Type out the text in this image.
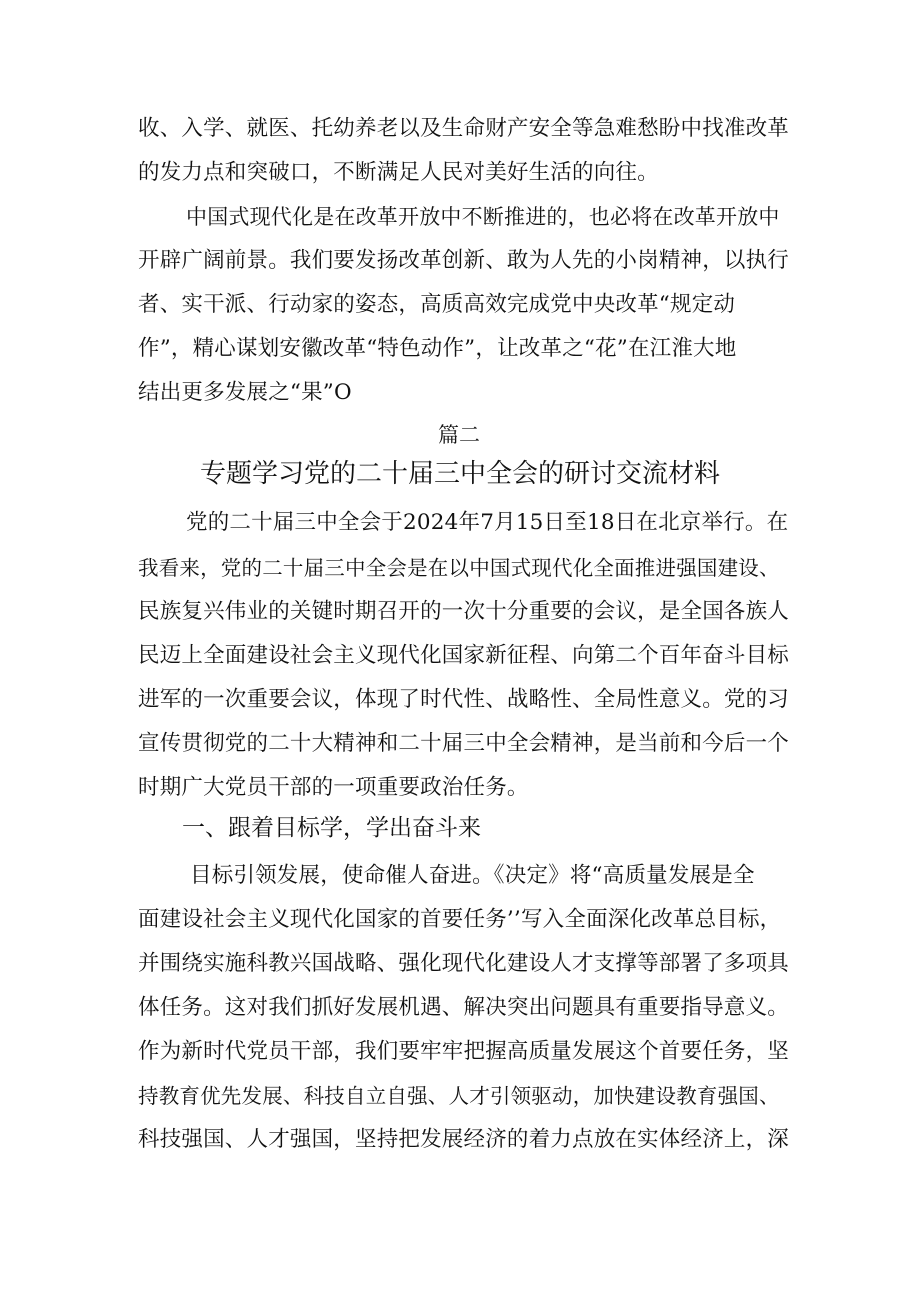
收、入学、就医、托幼养老以及生命财产安全等急难愁盼中找准改革
的发力点和突破口，不断满足人民对美好生活的向往。
中国式现代化是在改革开放中不断推进的，也必将在改革开放中
开辟广阔前景。我们要发扬改革创新、敢为人先的小岗精神，以执行
者、实干派、行动家的姿态，高质高效完成党中央改革“规定动
作”，精心谋划安徽改革“特色动作”，让改革之“花”在江淮大地
结出更多发展之“果”O
篇二
专题学习党的二十届三中全会的研讨交流材料
党的二十届三中全会于2024年7月15日至18日在北京举行。在
我看来，党的二十届三中全会是在以中国式现代化全面推进强国建设、
民族复兴伟业的关键时期召开的一次十分重要的会议，是全国各族人
民迈上全面建设社会主义现代化国家新征程、向第二个百年奋斗目标
进军的一次重要会议，体现了时代性、战略性、全局性意义。党的习
宣传贯彻党的二十大精神和二十届三中全会精神，是当前和今后一个
时期广大党员干部的一项重要政治任务。
一、跟着目标学，学出奋斗来
目标引领发展，使命催人奋进。《决定》将“高质量发展是全
面建设社会主义现代化国家的首要任务’’写入全面深化改革总目标，
并围绕实施科教兴国战略、强化现代化建设人才支撑等部署了多项具
体任务。这对我们抓好发展机遇、解决突出问题具有重要指导意义。
作为新时代党员干部，我们要牢牢把握高质量发展这个首要任务，坚
持教育优先发展、科技自立自强、人才引领驱动，加快建设教育强国、
科技强国、人才强国，坚持把发展经济的着力点放在实体经济上，深
